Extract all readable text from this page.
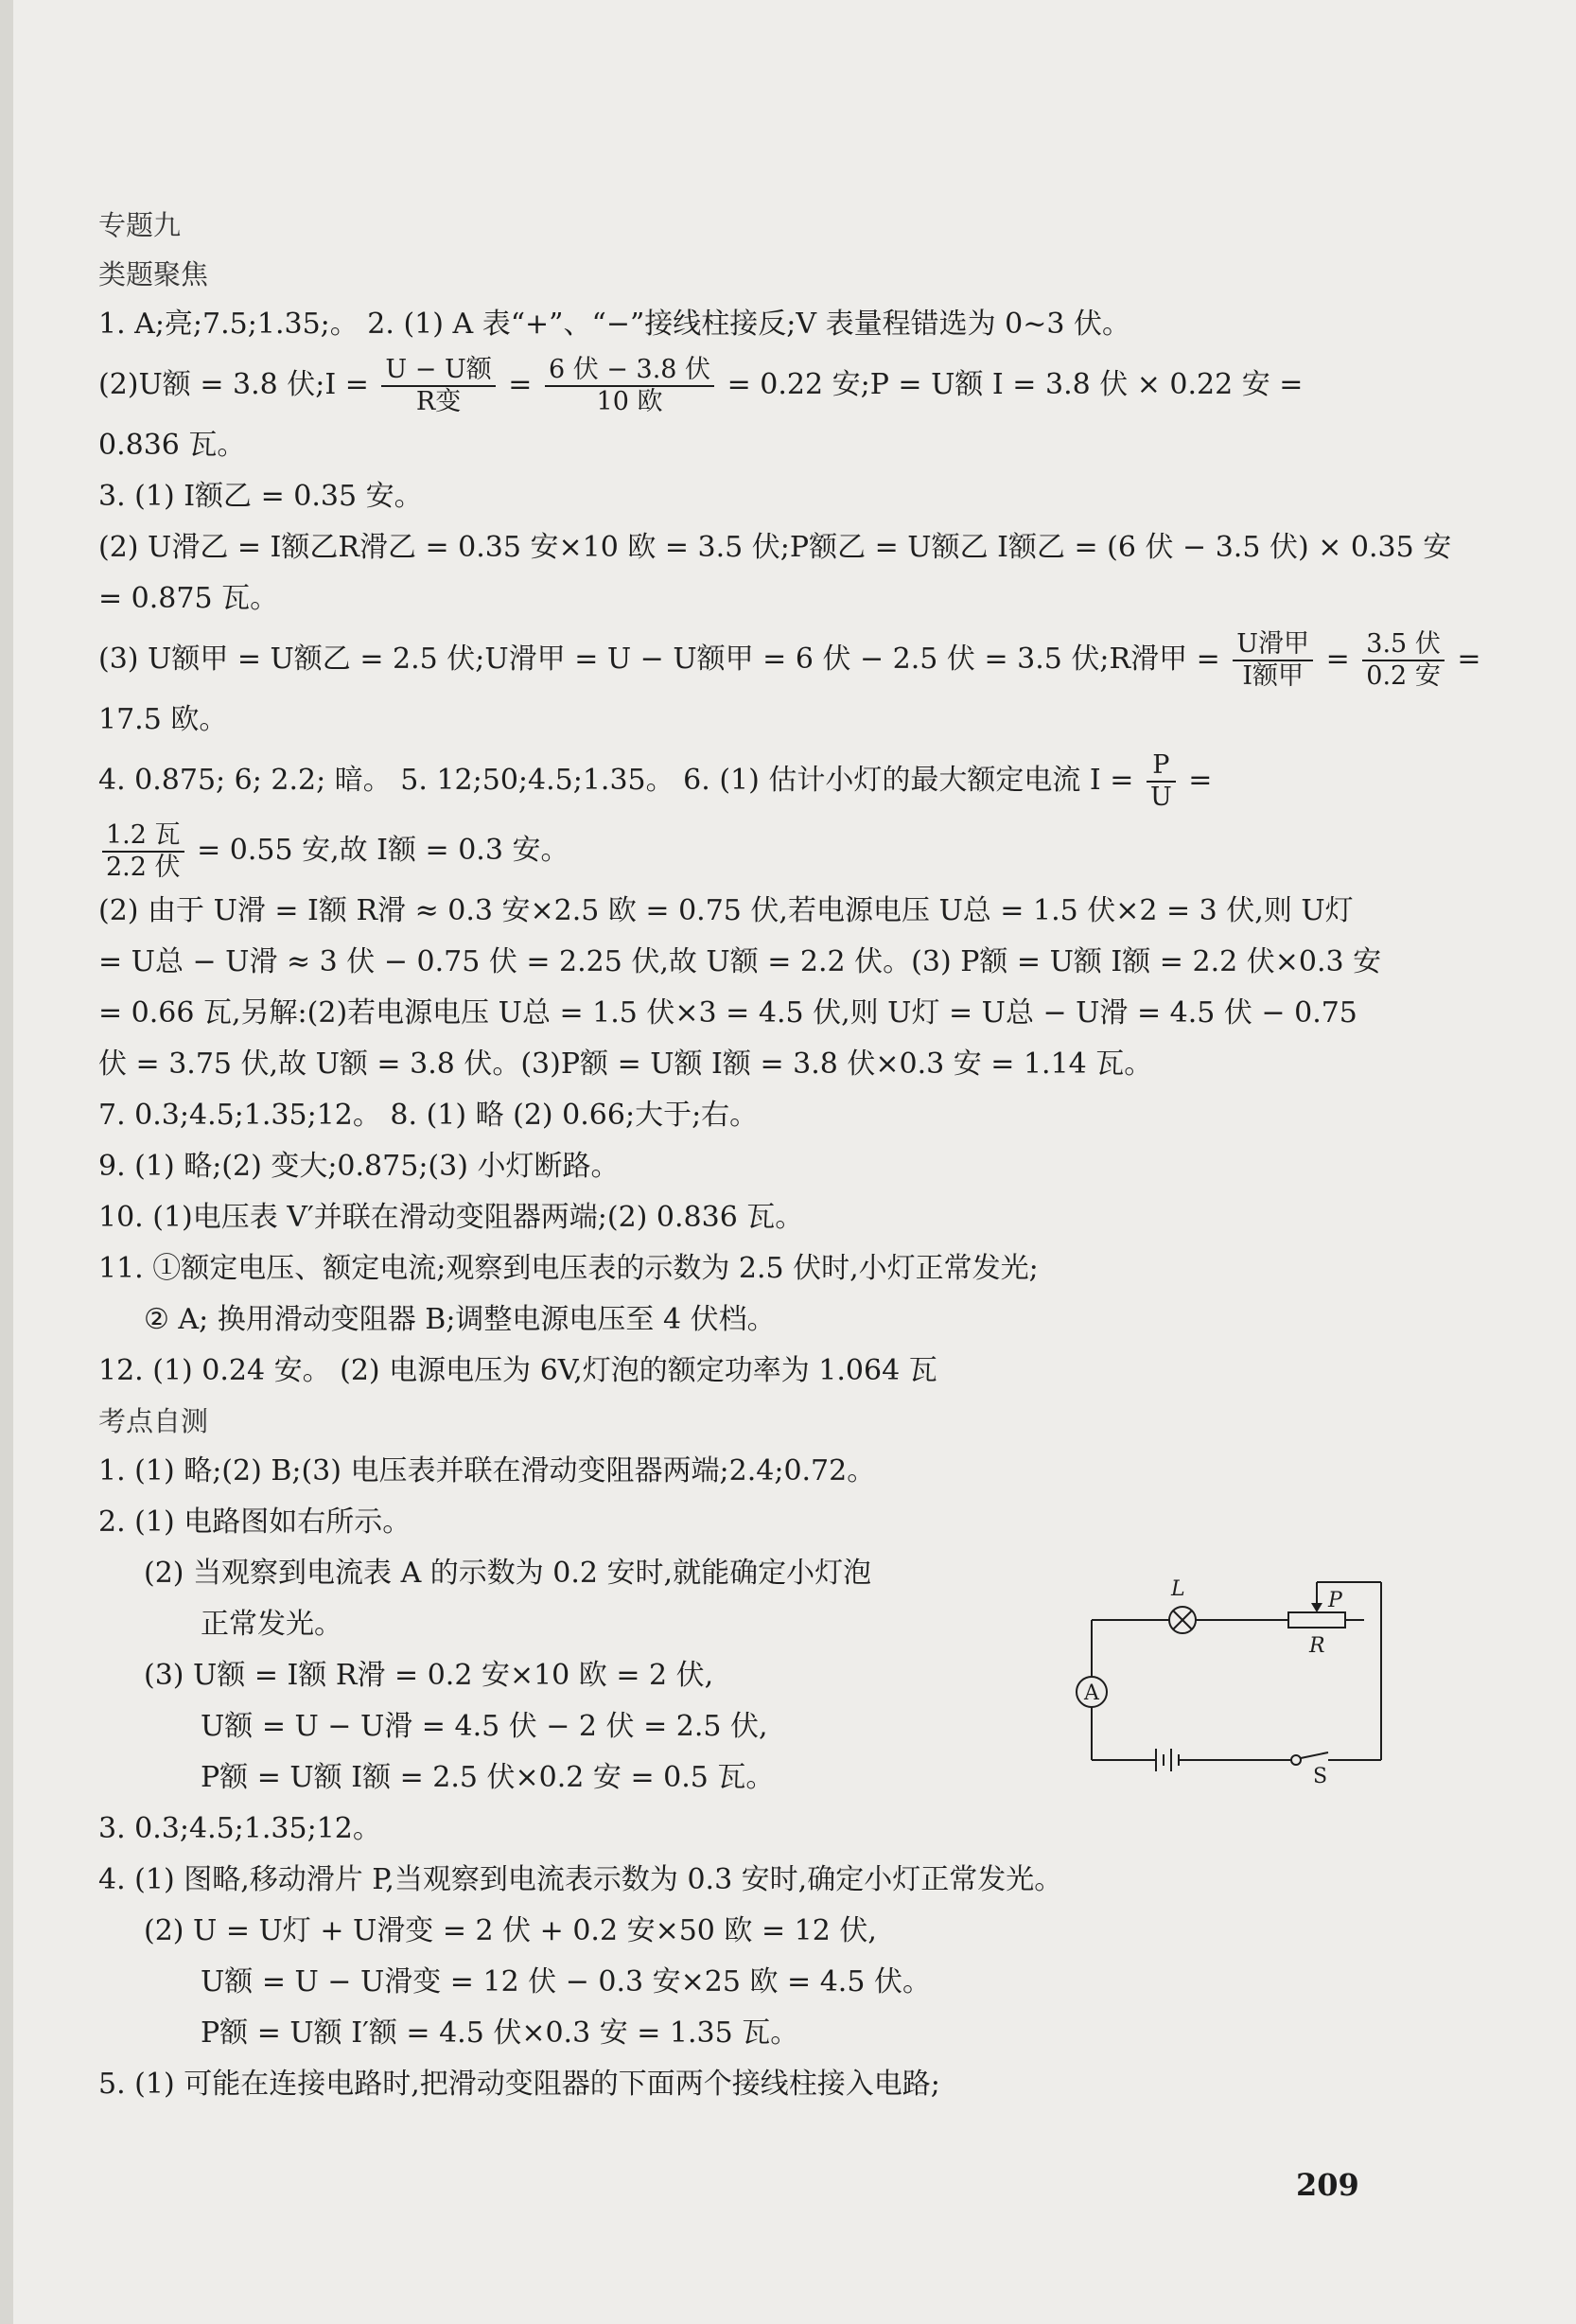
专题九

类题聚焦

1. A;亮;7.5;1.35;。 2. (1) A 表“+”、“−”接线柱接反;V 表量程错选为 0~3 伏。

(2)U额 = 3.8 伏;I = $\frac{\text{U − U额}}{\text{R变}} = \frac{\text{6 伏 − 3.8 伏}}{\text{10 欧}} = 0.22$ 安;P = U额 I = 3.8 伏 × 0.22 安 =

0.836 瓦。

3. (1) I额乙 = 0.35 安。

(2) U滑乙 = I额乙R滑乙 = 0.35 安×10 欧 = 3.5 伏;P额乙 = U额乙 I额乙 = (6 伏 − 3.5 伏) × 0.35 安

= 0.875 瓦。

(3) U额甲 = U额乙 = 2.5 伏;U滑甲 = U − U额甲 = 6 伏 − 2.5 伏 = 3.5 伏;R滑甲 = $\frac{\text{U滑甲}}{\text{I额甲}} = \frac{\text{3.5 伏}}{\text{0.2 安}}$ =

17.5 欧。

4. 0.875; 6; 2.2; 暗。 5. 12;50;4.5;1.35。 6. (1) 估计小灯的最大额定电流 $I = \frac{P}{U}$ =

$\frac{\text{1.2 瓦}}{\text{2.2 伏}} = 0.55$ 安,故 I额 = 0.3 安。

(2) 由于 U滑 = I额 R滑 ≈ 0.3 安×2.5 欧 = 0.75 伏,若电源电压 U总 = 1.5 伏×2 = 3 伏,则 U灯

= U总 − U滑 ≈ 3 伏 − 0.75 伏 = 2.25 伏,故 U额 = 2.2 伏。(3) P额 = U额 I额 = 2.2 伏×0.3 安

= 0.66 瓦,另解:(2)若电源电压 U总 = 1.5 伏×3 = 4.5 伏,则 U灯 = U总 − U滑 = 4.5 伏 − 0.75

伏 = 3.75 伏,故 U额 = 3.8 伏。(3)P额 = U额 I额 = 3.8 伏×0.3 安 = 1.14 瓦。

7. 0.3;4.5;1.35;12。 8. (1) 略 (2) 0.66;大于;右。

9. (1) 略;(2) 变大;0.875;(3) 小灯断路。

10. (1)电压表 V′并联在滑动变阻器两端;(2) 0.836 瓦。

11. ①额定电压、额定电流;观察到电压表的示数为 2.5 伏时,小灯正常发光;

② A; 换用滑动变阻器 B;调整电源电压至 4 伏档。

12. (1) 0.24 安。 (2) 电源电压为 6V,灯泡的额定功率为 1.064 瓦

考点自测

1. (1) 略;(2) B;(3) 电压表并联在滑动变阻器两端;2.4;0.72。

2. (1) 电路图如右所示。

(2) 当观察到电流表 A 的示数为 0.2 安时,就能确定小灯泡

正常发光。

(3) U额 = I额 R滑 = 0.2 安×10 欧 = 2 伏,

U额 = U − U滑 = 4.5 伏 − 2 伏 = 2.5 伏,

P额 = U额 I额 = 2.5 伏×0.2 安 = 0.5 瓦。

3. 0.3;4.5;1.35;12。

4. (1) 图略,移动滑片 P,当观察到电流表示数为 0.3 安时,确定小灯正常发光。

(2) U = U灯 + U滑变 = 2 伏 + 0.2 安×50 欧 = 12 伏,

U额 = U − U滑变 = 12 伏 − 0.3 安×25 欧 = 4.5 伏。

P额 = U额 I′额 = 4.5 伏×0.3 安 = 1.35 瓦。

5. (1) 可能在连接电路时,把滑动变阻器的下面两个接线柱接入电路;

L	P
R
A
S
209
